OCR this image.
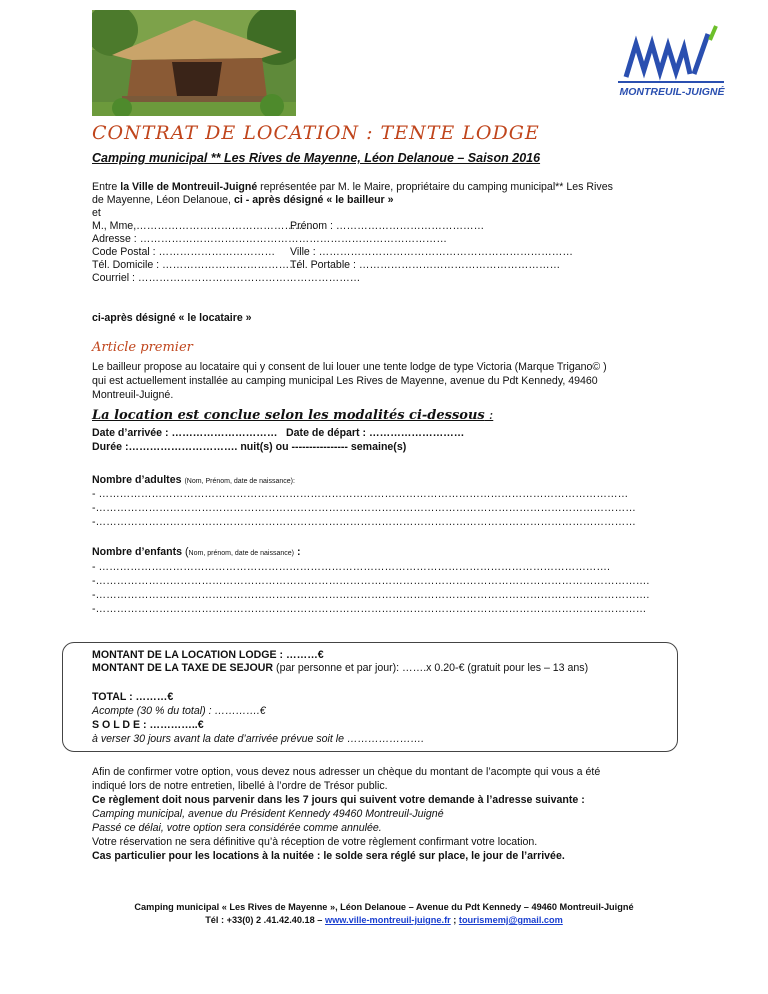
MONTREUIL-JUIGNÉ
CONTRAT DE LOCATION : TENTE LODGE
Camping municipal ** Les Rives de Mayenne, Léon Delanoue – Saison 2016
Entre la Ville de Montreuil-Juigné représentée par M. le Maire, propriétaire du camping municipal** Les Rives
de Mayenne, Léon Delanoue, ci - après désigné « le bailleur »
et
M., Mme,……………………………………………
Prénom : ……………………………………
Adresse : ……………………………………………………………………………
Code Postal : …………………………… Ville : ………………………………………………………………
Tél. Domicile : …………………………………
Tél. Portable : …………………………………………………
Courriel : ………………………………………………………
ci-après désigné « le locataire »
Article premier
Le bailleur propose au locataire qui y consent de lui louer une tente lodge de type Victoria (Marque Trigano© )
qui est actuellement installée au camping municipal Les Rives de Mayenne, avenue du Pdt Kennedy, 49460
Montreuil-Juigné.
La location est conclue selon les modalités ci-dessous :
Date d’arrivée : ………………………… Date de départ : ………………………
Durée :…………………………. nuit(s) ou ---------------- semaine(s)
Nombre d’adultes (Nom, Prénom, date de naissance):
- ……………………………………………………………………………………………………………………………………
-………………………………………………………………………………………………………………………………………
-………………………………………………………………………………………………………………………………………
Nombre d’enfants (Nom, prénom, date de naissance) :
- ……………………………………………………………………………………………………………………………….
-………………………………………………………………………………………………………………………………………….
-………………………………………………………………………………………………………………………………………….
-…………………………………………………………………………………………………………………………………………
MONTANT DE LA LOCATION LODGE : ………€
MONTANT DE LA TAXE DE SEJOUR (par personne et par jour): …….x 0.20-€ (gratuit pour les – 13 ans)
TOTAL : ………€
Acompte (30 % du total) : ………….€
S O L D E : …………..€
à verser 30 jours avant la date d’arrivée prévue soit le ………………….
Afin de confirmer votre option, vous devez nous adresser un chèque du montant de l’acompte qui vous a été
indiqué lors de notre entretien, libellé à l’ordre de Trésor public.
Ce règlement doit nous parvenir dans les 7 jours qui suivent votre demande à l’adresse suivante :
Camping municipal, avenue du Président Kennedy 49460 Montreuil-Juigné
Passé ce délai, votre option sera considérée comme annulée.
Votre réservation ne sera définitive qu’à réception de votre règlement confirmant votre location.
Cas particulier pour les locations à la nuitée : le solde sera réglé sur place, le jour de l’arrivée.
Camping municipal « Les Rives de Mayenne », Léon Delanoue – Avenue du Pdt Kennedy – 49460 Montreuil-Juigné
Tél : +33(0) 2 .41.42.40.18 – www.ville-montreuil-juigne.fr ; tourismemj@gmail.com
